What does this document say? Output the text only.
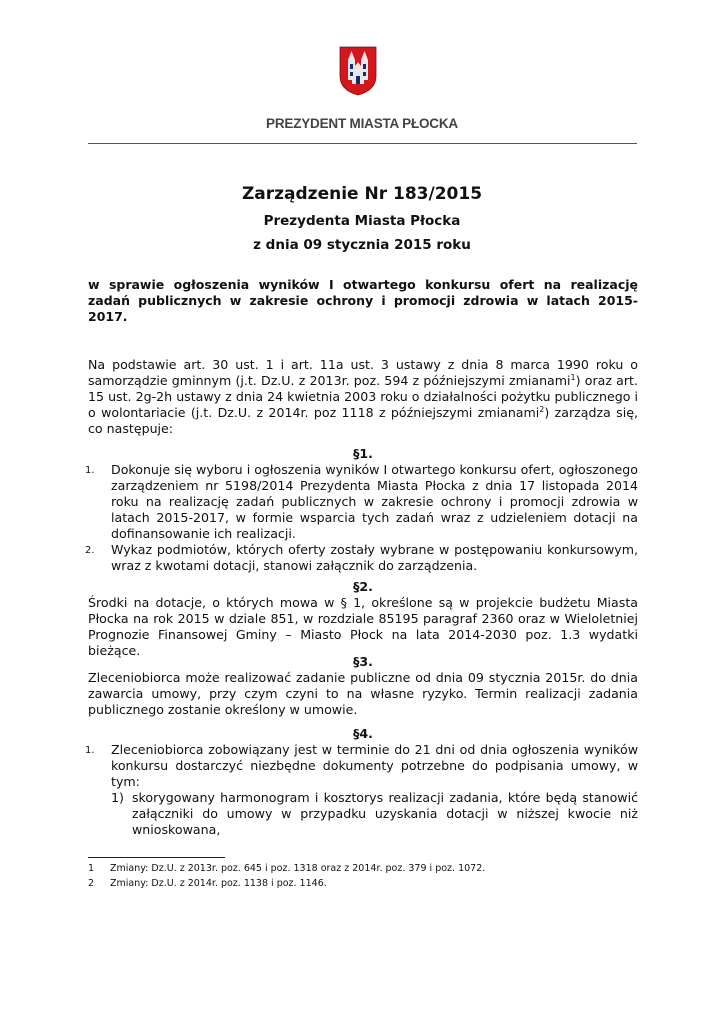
PREZYDENT MIASTA PŁOCKA
Zarządzenie Nr 183/2015
Prezydenta Miasta Płocka
z dnia 09 stycznia 2015 roku
w sprawie ogłoszenia wyników I otwartego konkursu ofert na realizację zadań publicznych w zakresie ochrony i promocji zdrowia w latach 2015-2017.

Na podstawie art. 30 ust. 1 i art. 11a ust. 3 ustawy z dnia 8 marca 1990 roku o samorządzie gminnym (j.t. Dz.U. z 2013r. poz. 594 z późniejszymi zmianami$^1$) oraz art. 15 ust. 2g-2h ustawy z dnia 24 kwietnia 2003 roku o działalności pożytku publicznego i o wolontariacie (j.t. Dz.U. z 2014r. poz 1118 z późniejszymi zmianami$^2$) zarządza się, co następuje:

§1.

1. Dokonuje się wyboru i ogłoszenia wyników I otwartego konkursu ofert, ogłoszonego zarządzeniem nr 5198/2014 Prezydenta Miasta Płocka z dnia 17 listopada 2014 roku na realizację zadań publicznych w zakresie ochrony i promocji zdrowia w latach 2015-2017, w formie wsparcia tych zadań wraz z udzieleniem dotacji na dofinansowanie ich realizacji.
2. Wykaz podmiotów, których oferty zostały wybrane w postępowaniu konkursowym, wraz z kwotami dotacji, stanowi załącznik do zarządzenia.

§2.

Środki na dotacje, o których mowa w § 1, określone są w projekcie budżetu Miasta Płocka na rok 2015 w dziale 851, w rozdziale 85195 paragraf 2360 oraz w Wieloletniej Prognozie Finansowej Gminy – Miasto Płock na lata 2014-2030 poz. 1.3 wydatki bieżące.

§3.

Zleceniobiorca może realizować zadanie publiczne od dnia 09 stycznia 2015r. do dnia zawarcia umowy, przy czym czyni to na własne ryzyko. Termin realizacji zadania publicznego zostanie określony w umowie.

§4.

1. Zleceniobiorca zobowiązany jest w terminie do 21 dni od dnia ogłoszenia wyników konkursu dostarczyć niezbędne dokumenty potrzebne do podpisania umowy, w tym:
1) skorygowany harmonogram i kosztorys realizacji zadania, które będą stanowić załączniki do umowy w przypadku uzyskania dotacji w niższej kwocie niż wnioskowana,
1 Zmiany: Dz.U. z 2013r. poz. 645 i poz. 1318 oraz z 2014r. poz. 379 i poz. 1072.
2 Zmiany: Dz.U. z 2014r. poz. 1138 i poz. 1146.
